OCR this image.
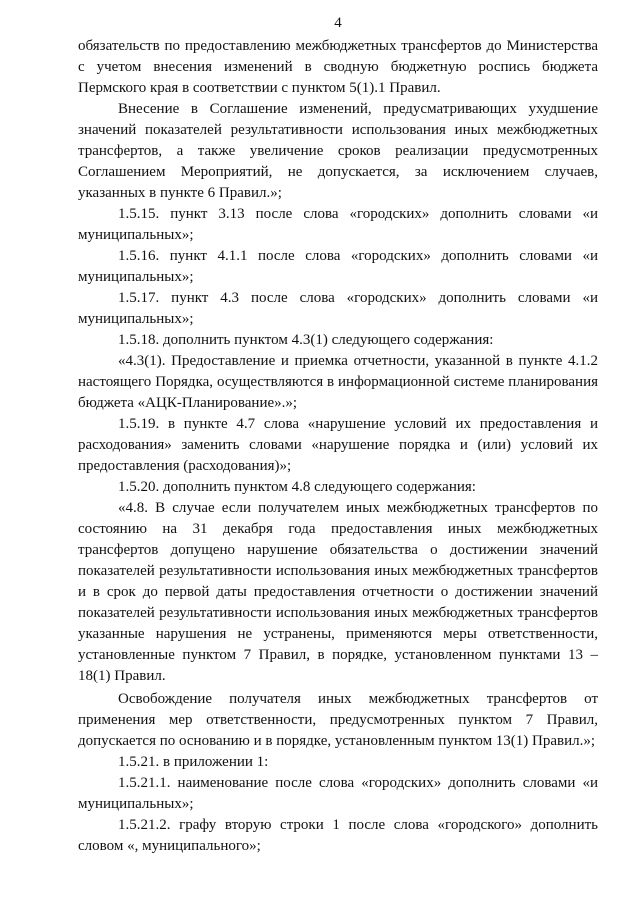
4

обязательств по предоставлению межбюджетных трансфертов до Министерства с учетом внесения изменений в сводную бюджетную роспись бюджета Пермского края в соответствии с пунктом 5(1).1 Правил.

Внесение в Соглашение изменений, предусматривающих ухудшение значений показателей результативности использования иных межбюджетных трансфертов, а также увеличение сроков реализации предусмотренных Соглашением Мероприятий, не допускается, за исключением случаев, указанных в пункте 6 Правил.»;

1.5.15. пункт 3.13 после слова «городских» дополнить словами «и муниципальных»;

1.5.16. пункт 4.1.1 после слова «городских» дополнить словами «и муниципальных»;

1.5.17. пункт 4.3 после слова «городских» дополнить словами «и муниципальных»;

1.5.18. дополнить пунктом 4.3(1) следующего содержания:

«4.3(1). Предоставление и приемка отчетности, указанной в пункте 4.1.2 настоящего Порядка, осуществляются в информационной системе планирования бюджета «АЦК-Планирование».»;

1.5.19. в пункте 4.7 слова «нарушение условий их предоставления и расходования» заменить словами «нарушение порядка и (или) условий их предоставления (расходования)»;

1.5.20. дополнить пунктом 4.8 следующего содержания:

«4.8. В случае если получателем иных межбюджетных трансфертов по состоянию на 31 декабря года предоставления иных межбюджетных трансфертов допущено нарушение обязательства о достижении значений показателей результативности использования иных межбюджетных трансфертов и в срок до первой даты предоставления отчетности о достижении значений показателей результативности использования иных межбюджетных трансфертов указанные нарушения не устранены, применяются меры ответственности, установленные пунктом 7 Правил, в порядке, установленном пунктами 13 – 18(1) Правил.

Освобождение получателя иных межбюджетных трансфертов от применения мер ответственности, предусмотренных пунктом 7 Правил, допускается по основанию и в порядке, установленным пунктом 13(1) Правил.»;

1.5.21. в приложении 1:

1.5.21.1. наименование после слова «городских» дополнить словами «и муниципальных»;

1.5.21.2. графу вторую строки 1 после слова «городского» дополнить словом «, муниципального»;
